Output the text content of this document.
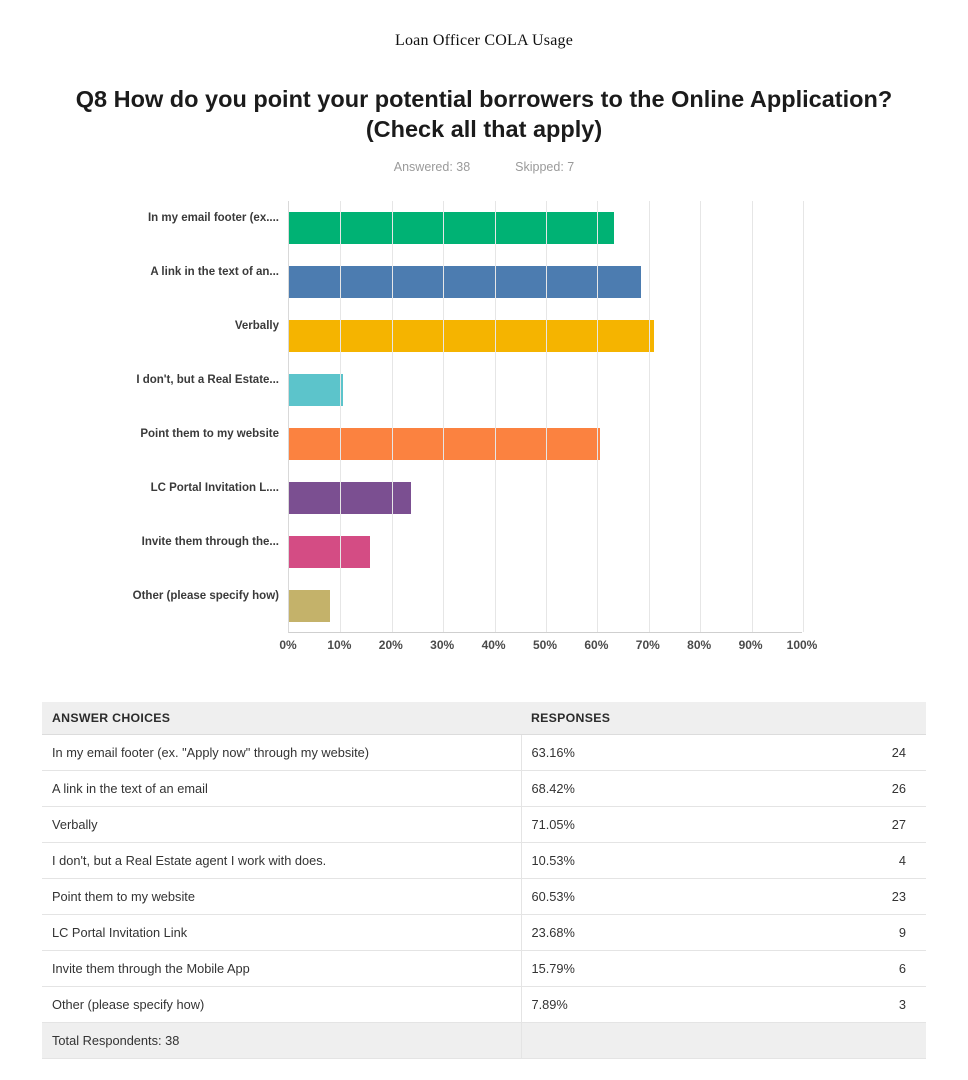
Loan Officer COLA Usage
Q8 How do you point your potential borrowers to the Online Application? (Check all that apply)
Answered: 38	Skipped: 7
In my email footer (ex....
A link in the text of an...
Verbally
I don't, but a Real Estate...
Point them to my website
LC Portal Invitation L....
Invite them through the...
Other (please specify how)
0%	10% 20% 30% 40% 50% 60% 70% 80% 90% 100%
ANSWER CHOICES	RESPONSES	
In my email footer (ex. "Apply now" through my website)	63.16%	24
A link in the text of an email	68.42%	26
Verbally	71.05%	27
I don't, but a Real Estate agent I work with does.	10.53%	4
Point them to my website	60.53%	23
LC Portal Invitation Link	23.68%	9
Invite them through the Mobile App	15.79%	6
Other (please specify how)	7.89%	3
Total Respondents: 38		
